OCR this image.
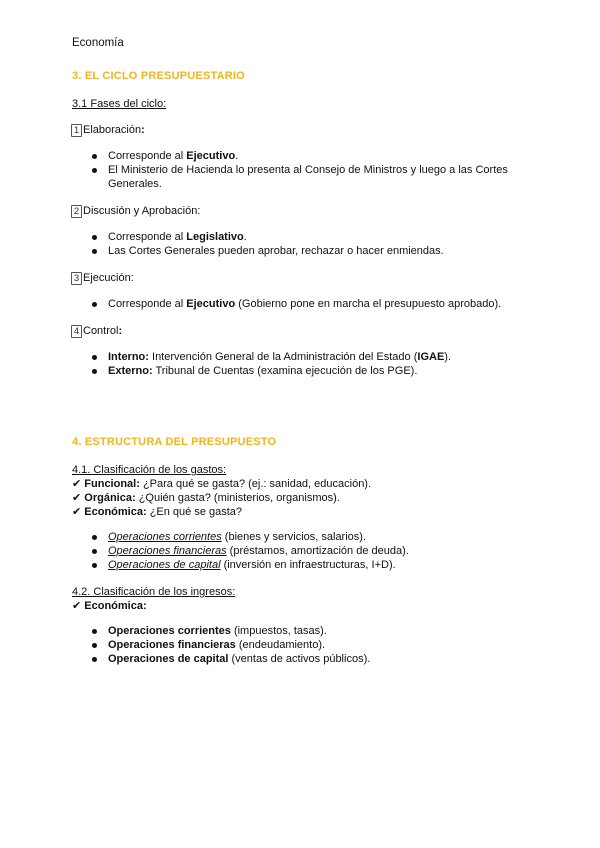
Economía
3. EL CICLO PRESUPUESTARIO
3.1 Fases del ciclo:
1 Elaboración :
Corresponde al Ejecutivo.
El Ministerio de Hacienda lo presenta al Consejo de Ministros y luego a las Cortes Generales.
2 Discusión y Aprobación:
Corresponde al Legislativo.
Las Cortes Generales pueden aprobar, rechazar o hacer enmiendas.
3 Ejecución:
Corresponde al Ejecutivo (Gobierno pone en marcha el presupuesto aprobado).
4 Control :
Interno: Intervención General de la Administración del Estado (IGAE).
Externo: Tribunal de Cuentas (examina ejecución de los PGE).
4. ESTRUCTURA DEL PRESUPUESTO
4.1. Clasificación de los gastos:
✔ Funcional: ¿Para qué se gasta? (ej.: sanidad, educación).
✔ Orgánica: ¿Quién gasta? (ministerios, organismos).
✔ Económica: ¿En qué se gasta?
Operaciones corrientes (bienes y servicios, salarios).
Operaciones financieras (préstamos, amortización de deuda).
Operaciones de capital (inversión en infraestructuras, I+D).
4.2. Clasificación de los ingresos:
✔ Económica:
Operaciones corrientes (impuestos, tasas).
Operaciones financieras (endeudamiento).
Operaciones de capital (ventas de activos públicos).
